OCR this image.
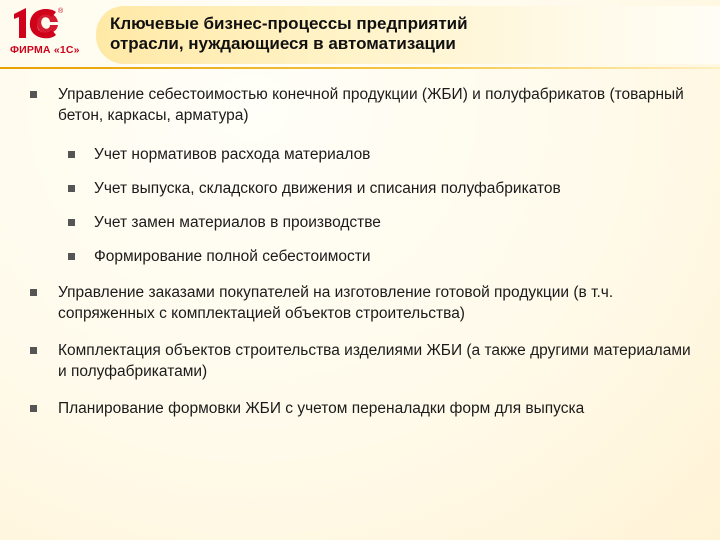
®
ФИРМА «1С»
Ключевые бизнес-процессы предприятий
отрасли, нуждающиеся в автоматизации
Управление себестоимостью конечной продукции (ЖБИ) и полуфабрикатов (товарный бетон, каркасы, арматура)
Учет нормативов расхода материалов
Учет выпуска, складского движения и списания полуфабрикатов
Учет замен материалов в производстве
Формирование полной себестоимости
Управление заказами покупателей на изготовление готовой продукции (в т.ч. сопряженных с комплектацией объектов строительства)
Комплектация объектов строительства изделиями ЖБИ (а также другими материалами и полуфабрикатами)
Планирование формовки ЖБИ с учетом переналадки форм для выпуска
